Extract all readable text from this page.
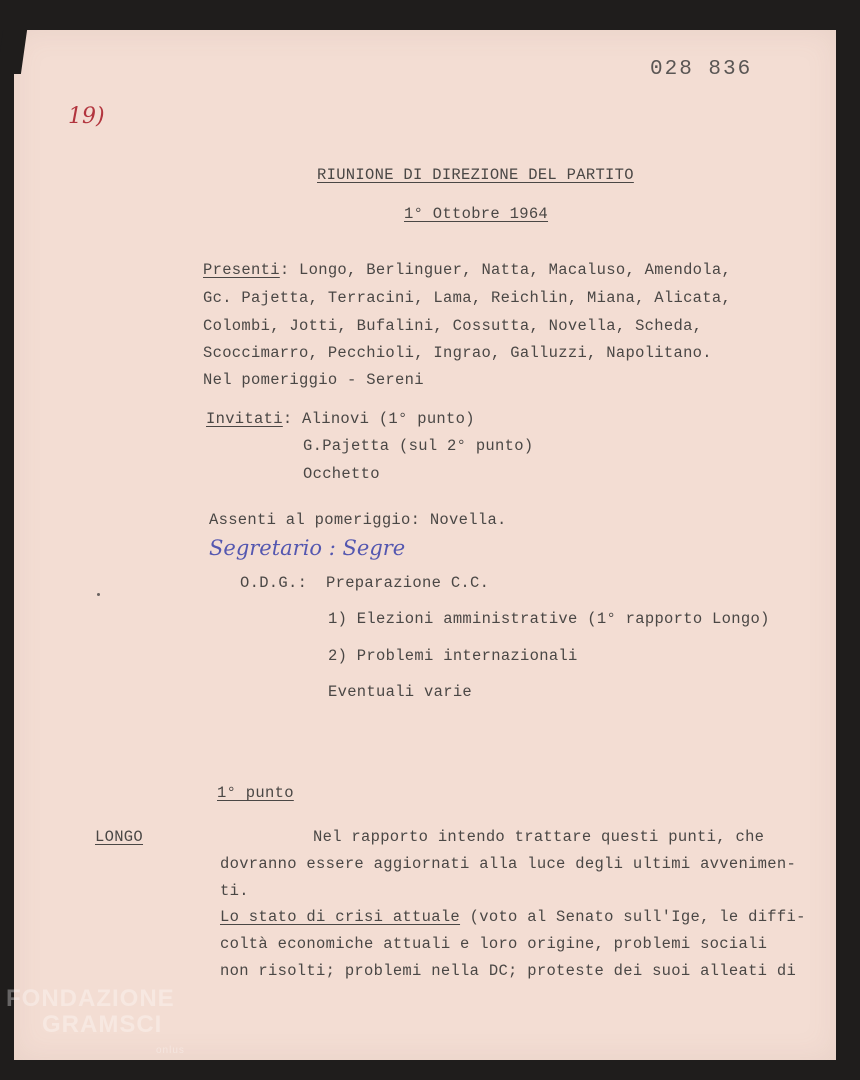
028 836
19)
RIUNIONE DI DIREZIONE DEL PARTITO
1° Ottobre 1964
Presenti: Longo, Berlinguer, Natta, Macaluso, Amendola,
Gc. Pajetta, Terracini, Lama, Reichlin, Miana, Alicata,
Colombi, Jotti, Bufalini, Cossutta, Novella, Scheda,
Scoccimarro, Pecchioli, Ingrao, Galluzzi, Napolitano.
Nel pomeriggio - Sereni
Invitati: Alinovi (1° punto)
G.Pajetta (sul 2° punto)
Occhetto
Assenti al pomeriggio: Novella.
Segretario : Segre
O.D.G.: Preparazione C.C.
1) Elezioni amministrative (1° rapporto Longo)
2) Problemi internazionali
Eventuali varie
1° punto
LONGO	Nel rapporto intendo trattare questi punti, che
dovranno essere aggiornati alla luce degli ultimi avvenimen-
ti.
Lo stato di crisi attuale (voto al Senato sull'Ige, le diffi-
coltà economiche attuali e loro origine, problemi sociali
non risolti; problemi nella DC; proteste dei suoi alleati di
FONDAZIONE
GRAMSCI
onlus
